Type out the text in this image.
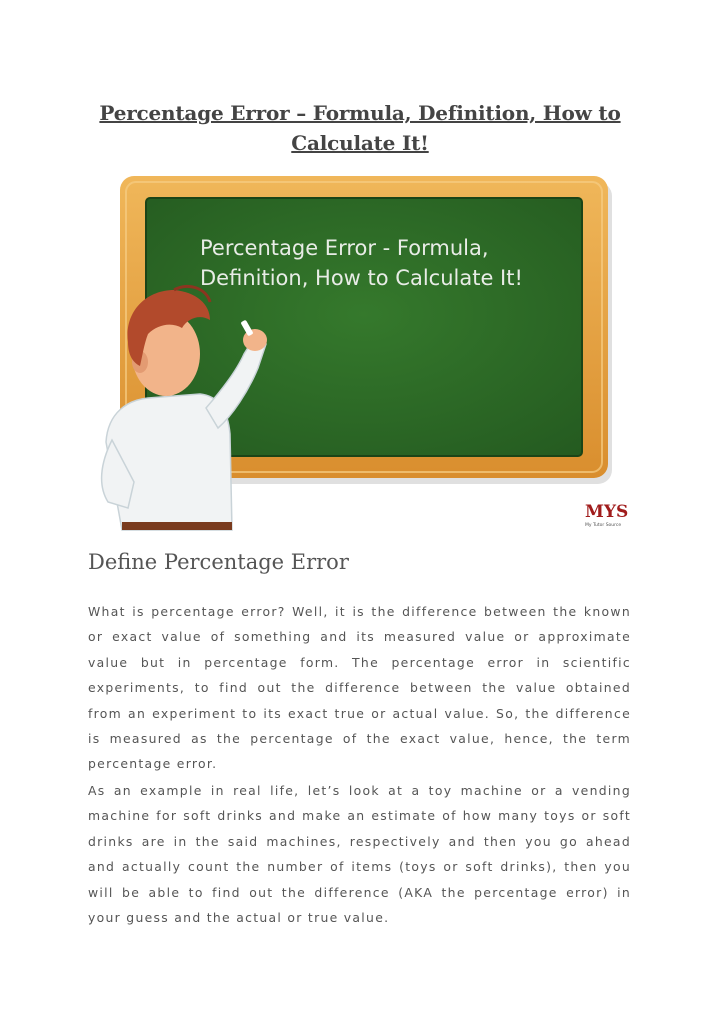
Percentage Error – Formula, Definition, How to Calculate It!
Percentage Error - Formula,
Definition, How to Calculate It!
MYS
My Tutor Source
Define Percentage Error

What is percentage error? Well, it is the difference between the known or exact value of something and its measured value or approximate value but in percentage form. The percentage error in scientific experiments, to find out the difference between the value obtained from an experiment to its exact true or actual value. So, the difference is measured as the percentage of the exact value, hence, the term percentage error.

As an example in real life, let’s look at a toy machine or a vending machine for soft drinks and make an estimate of how many toys or soft drinks are in the said machines, respectively and then you go ahead and actually count the number of items (toys or soft drinks), then you will be able to find out the difference (AKA the percentage error) in your guess and the actual or true value.
